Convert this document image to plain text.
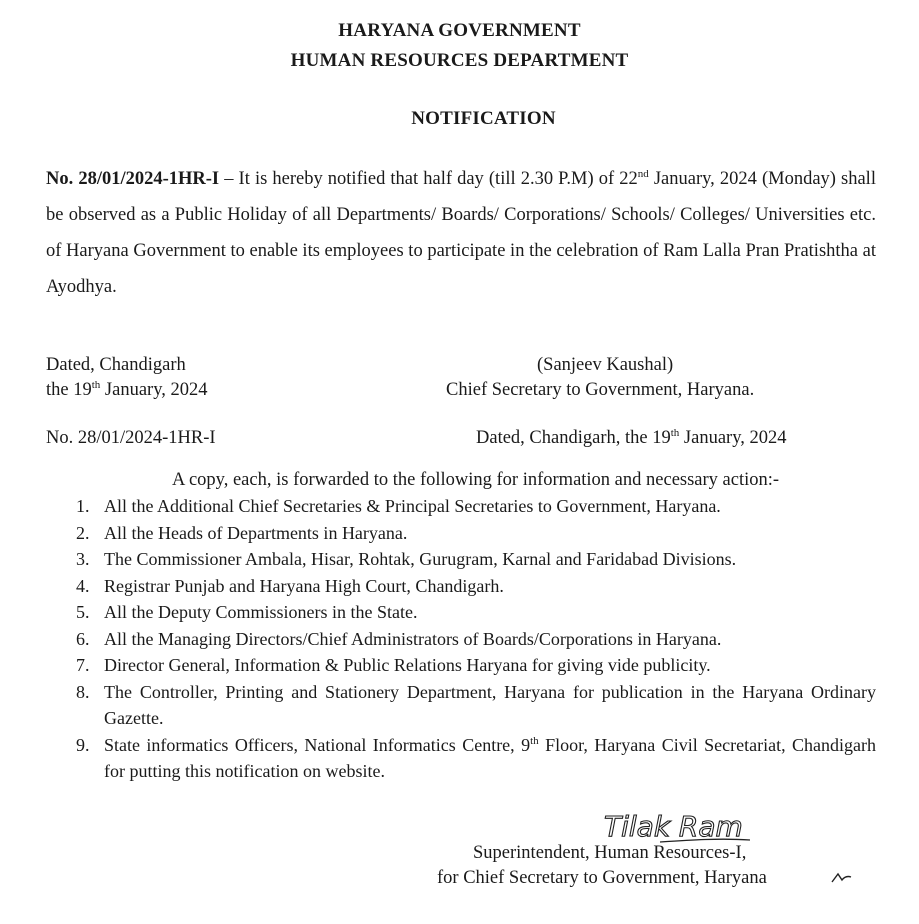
HARYANA GOVERNMENT
HUMAN RESOURCES DEPARTMENT
NOTIFICATION
No. 28/01/2024-1HR-I – It is hereby notified that half day (till 2.30 P.M) of 22nd January, 2024 (Monday) shall be observed as a Public Holiday of all Departments/ Boards/ Corporations/ Schools/ Colleges/ Universities etc. of Haryana Government to enable its employees to participate in the celebration of Ram Lalla Pran Pratishtha at Ayodhya.
Dated, Chandigarh
the 19th January, 2024
(Sanjeev Kaushal)
Chief Secretary to Government, Haryana.
No. 28/01/2024-1HR-I	Dated, Chandigarh, the 19th January, 2024
A copy, each, is forwarded to the following for information and necessary action:-
1. All the Additional Chief Secretaries & Principal Secretaries to Government, Haryana.
2. All the Heads of Departments in Haryana.
3. The Commissioner Ambala, Hisar, Rohtak, Gurugram, Karnal and Faridabad Divisions.
4. Registrar Punjab and Haryana High Court, Chandigarh.
5. All the Deputy Commissioners in the State.
6. All the Managing Directors/Chief Administrators of Boards/Corporations in Haryana.
7. Director General, Information & Public Relations Haryana for giving vide publicity.
8. The Controller, Printing and Stationery Department, Haryana for publication in the Haryana Ordinary Gazette.
9. State informatics Officers, National Informatics Centre, 9th Floor, Haryana Civil Secretariat, Chandigarh for putting this notification on website.
Tilak Ram
Superintendent, Human Resources-I,
for Chief Secretary to Government, Haryana
